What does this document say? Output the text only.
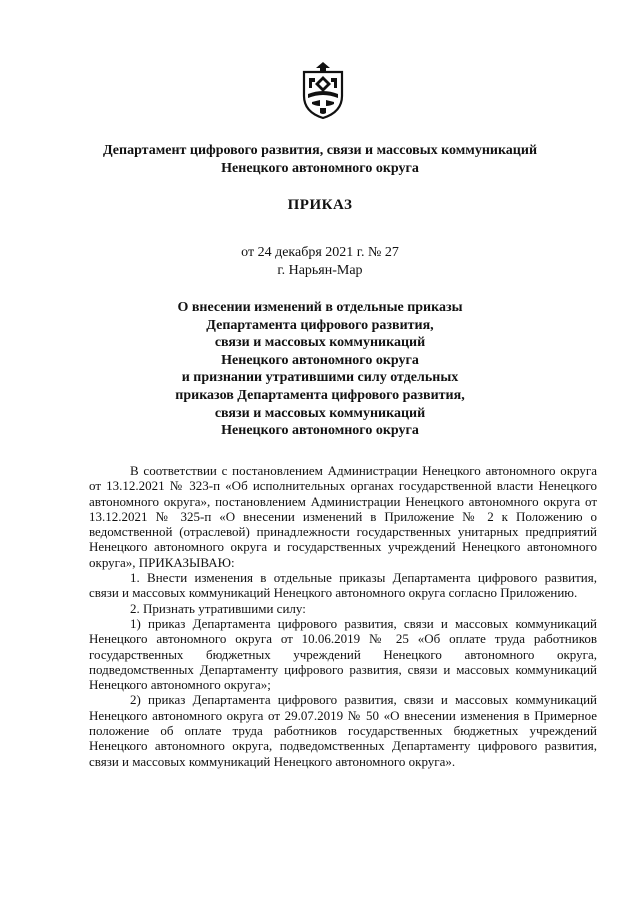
Департамент цифрового развития, связи и массовых коммуникаций
Ненецкого автономного округа
ПРИКАЗ
от 24 декабря 2021 г. № 27
г. Нарьян-Мар
О внесении изменений в отдельные приказы
Департамента цифрового развития,
связи и массовых коммуникаций
Ненецкого автономного округа
и признании утратившими силу отдельных
приказов Департамента цифрового развития,
связи и массовых коммуникаций
Ненецкого автономного округа

В соответствии с постановлением Администрации Ненецкого автономного округа от 13.12.2021 № 323-п «Об исполнительных органах государственной власти Ненецкого автономного округа», постановлением Администрации Ненецкого автономного округа от 13.12.2021 № 325-п «О внесении изменений в Приложение № 2 к Положению о ведомственной (отраслевой) принадлежности государственных унитарных предприятий Ненецкого автономного округа и государственных учреждений Ненецкого автономного округа», ПРИКАЗЫВАЮ:

1. Внести изменения в отдельные приказы Департамента цифрового развития, связи и массовых коммуникаций Ненецкого автономного округа согласно Приложению.

2. Признать утратившими силу:

1) приказ Департамента цифрового развития, связи и массовых коммуникаций Ненецкого автономного округа от 10.06.2019 № 25 «Об оплате труда работников государственных бюджетных учреждений Ненецкого автономного округа, подведомственных Департаменту цифрового развития, связи и массовых коммуникаций Ненецкого автономного округа»;

2) приказ Департамента цифрового развития, связи и массовых коммуникаций Ненецкого автономного округа от 29.07.2019 № 50 «О внесении изменения в Примерное положение об оплате труда работников государственных бюджетных учреждений Ненецкого автономного округа, подведомственных Департаменту цифрового развития, связи и массовых коммуникаций Ненецкого автономного округа».
